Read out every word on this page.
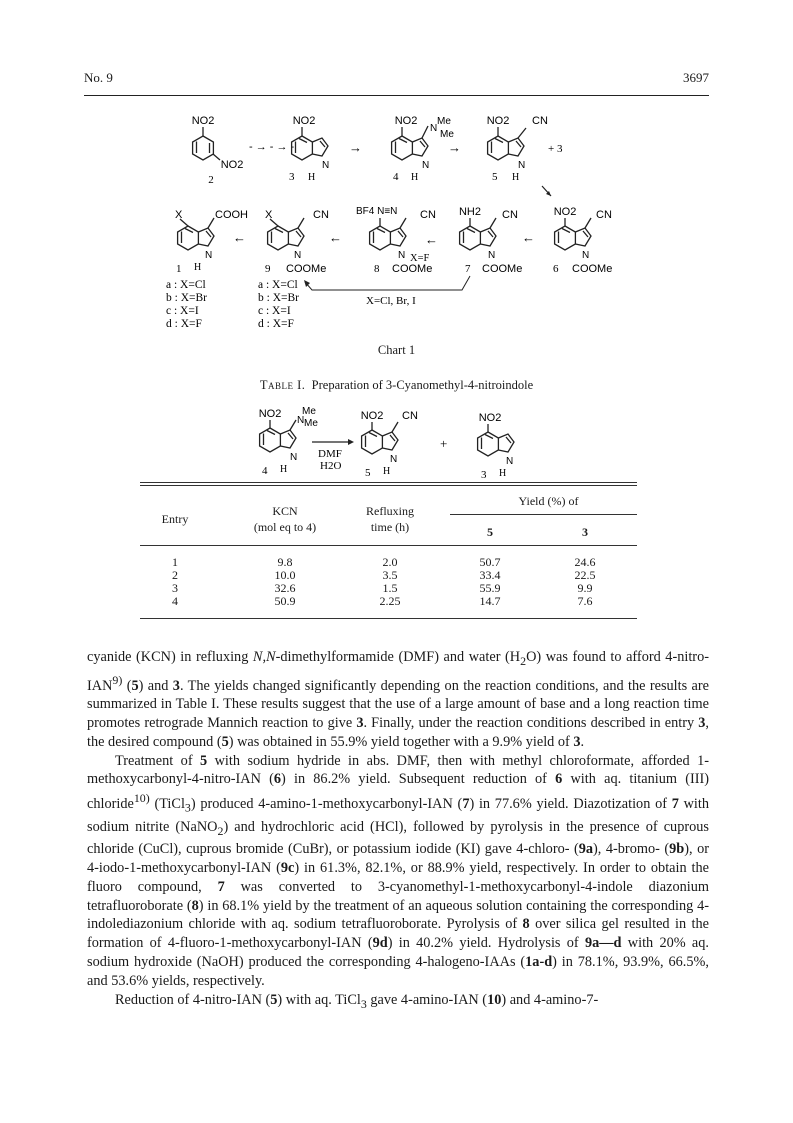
No. 9	3697
NO2
NO2
2
- → - → -
NO2
N
3 H
→
NO2
N
Me
Me
N
4 H
→
NO2 CN
N
5 H
+ 3
X	COOH
N
1 H
←
X	CN
N
9 COOMe
←
BF4 N≡N CN
N
8 COOMe
X=F
←
NH2 CN
N
7 COOMe
←
NO2 CN
N
6 COOMe
X=Cl, Br, I
a : X=Cl
b : X=Br
c : X=I
d : X=F
a : X=Cl
b : X=Br
c : X=I
d : X=F
Chart 1
Table I. Preparation of 3-Cyanomethyl-4-nitroindole
NO2
N
Me
Me
N
4 H
DMF
H2O
NO2 CN
N
5 H
+
NO2
N
3 H
Entry
KCN
(mol eq to 4)
Refluxing
time (h)
Yield (%) of
5	3
1	9.8	2.0	50.7	24.6
2	10.0	3.5	33.4	22.5
3	32.6	1.5	55.9	9.9
4	50.9	2.25	14.7	7.6

cyanide (KCN) in refluxing N,N-dimethylformamide (DMF) and water $(H_2O)$ was found to afford 4-nitro-IAN$^{9)}$ (5) and 3. The yields changed significantly depending on the reaction conditions, and the results are summarized in Table I. These results suggest that the use of a large amount of base and a long reaction time promotes retrograde Mannich reaction to give 3. Finally, under the reaction conditions described in entry 3, the desired compound (5) was obtained in 55.9% yield together with a 9.9% yield of 3.

Treatment of 5 with sodium hydride in abs. DMF, then with methyl chloroformate, afforded 1-methoxycarbonyl-4-nitro-IAN (6) in 86.2% yield. Subsequent reduction of 6 with aq. titanium (III) chloride$^{10)}$ (TiCl$_3$) produced 4-amino-1-methoxycarbonyl-IAN (7) in 77.6% yield. Diazotization of 7 with sodium nitrite (NaNO$_2$) and hydrochloric acid (HCl), followed by pyrolysis in the presence of cuprous chloride (CuCl), cuprous bromide (CuBr), or potassium iodide (KI) gave 4-chloro- (9a), 4-bromo- (9b), or 4-iodo-1-methoxycarbonyl-IAN (9c) in 61.3%, 82.1%, or 88.9% yield, respectively. In order to obtain the fluoro compound, 7 was converted to 3-cyanomethyl-1-methoxycarbonyl-4-indole diazonium tetrafluoroborate (8) in 68.1% yield by the treatment of an aqueous solution containing the corresponding 4-indolediazonium chloride with aq. sodium tetrafluoroborate. Pyrolysis of 8 over silica gel resulted in the formation of 4-fluoro-1-methoxycarbonyl-IAN (9d) in 40.2% yield. Hydrolysis of 9a—d with 20% aq. sodium hydroxide (NaOH) produced the corresponding 4-halogeno-IAAs (1a-d) in 78.1%, 93.9%, 66.5%, and 53.6% yields, respectively.

Reduction of 4-nitro-IAN (5) with aq. TiCl$_3$ gave 4-amino-IAN (10) and 4-amino-7-
